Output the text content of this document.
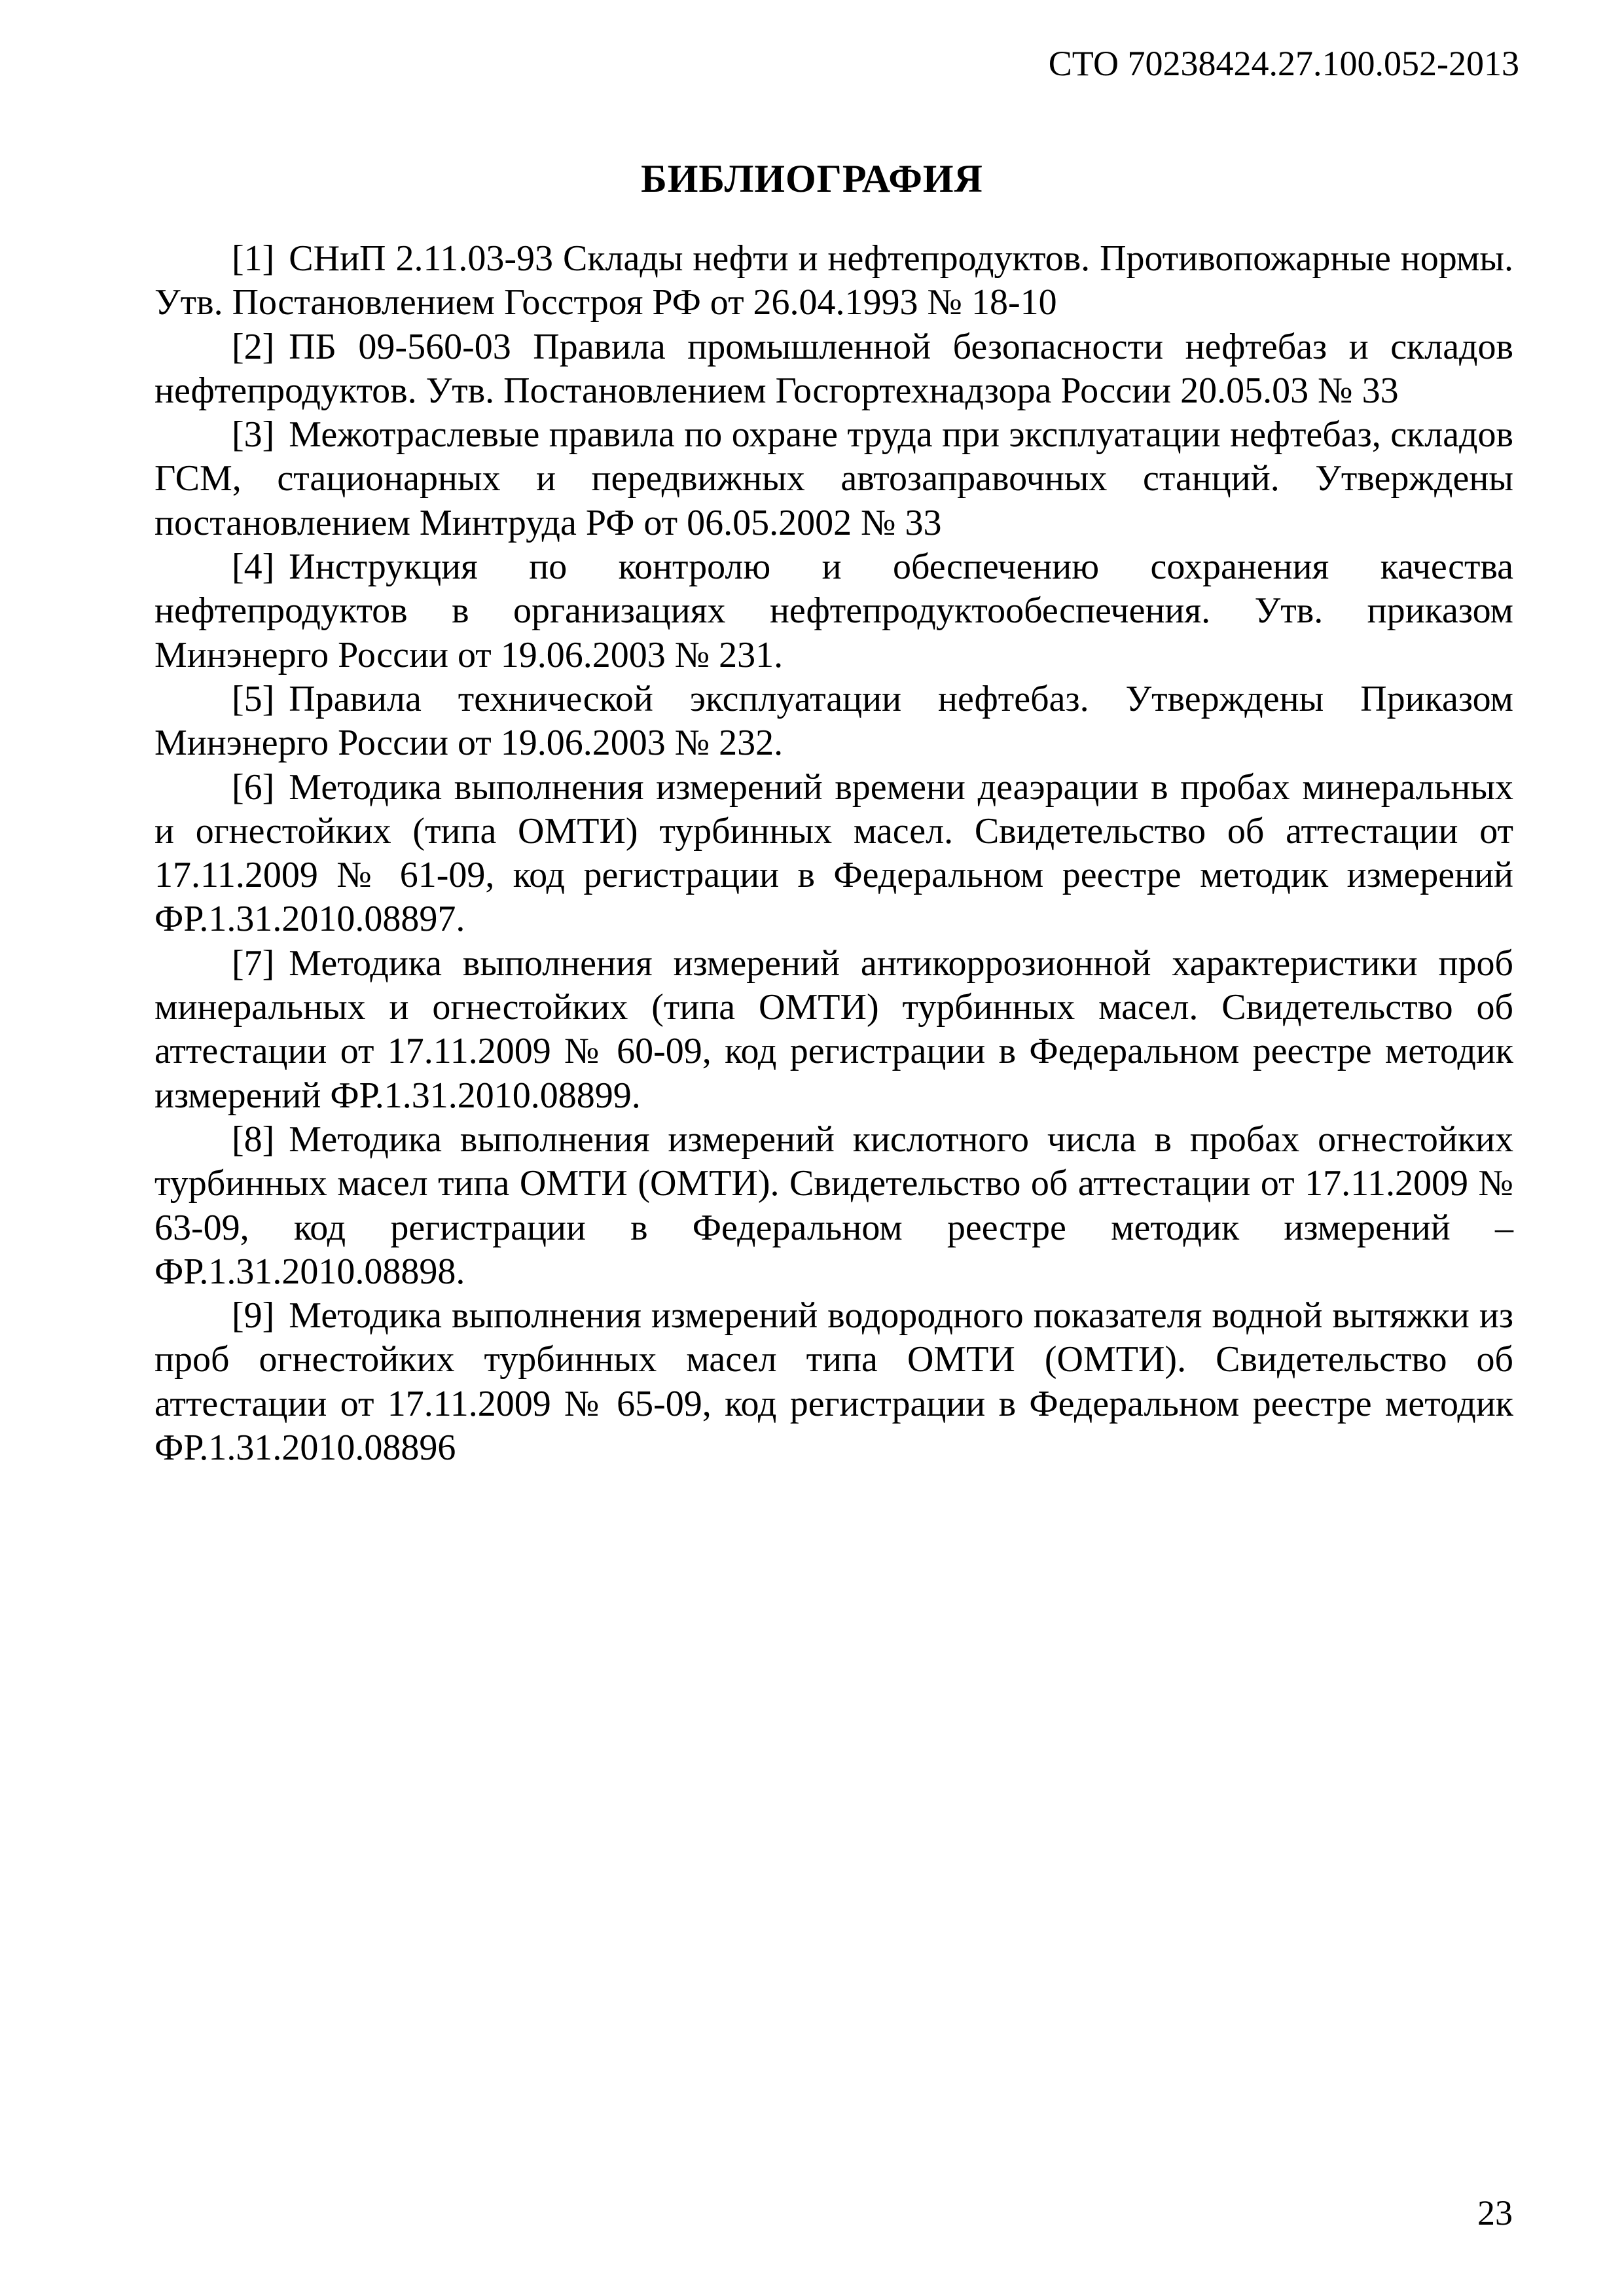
СТО 70238424.27.100.052-2013
БИБЛИОГРАФИЯ
[1] СНиП 2.11.03-93 Склады нефти и нефтепродуктов. Противопожарные нормы. Утв. Постановлением Госстроя РФ от 26.04.1993 № 18-10
[2] ПБ 09-560-03 Правила промышленной безопасности нефтебаз и складов нефтепродуктов. Утв. Постановлением Госгортехнадзора России 20.05.03 № 33
[3] Межотраслевые правила по охране труда при эксплуатации нефтебаз, складов ГСМ, стационарных и передвижных автозаправочных станций. Утверждены постановлением Минтруда РФ от 06.05.2002 № 33
[4] Инструкция по контролю и обеспечению сохранения качества нефтепродуктов в организациях нефтепродуктообеспечения. Утв. приказом Минэнерго России от 19.06.2003 № 231.
[5] Правила технической эксплуатации нефтебаз. Утверждены Приказом Минэнерго России от 19.06.2003 № 232.
[6] Методика выполнения измерений времени деаэрации в пробах минеральных и огнестойких (типа ОМТИ) турбинных масел. Свидетельство об аттестации от 17.11.2009 № 61-09, код регистрации в Федеральном реестре методик измерений ФР.1.31.2010.08897.
[7] Методика выполнения измерений антикоррозионной характеристики проб минеральных и огнестойких (типа ОМТИ) турбинных масел. Свидетельство об аттестации от 17.11.2009 № 60-09, код регистрации в Федеральном реестре методик измерений ФР.1.31.2010.08899.
[8] Методика выполнения измерений кислотного числа в пробах огнестойких турбинных масел типа ОМТИ (ОМТИ). Свидетельство об аттестации от 17.11.2009 № 63-09, код регистрации в Федеральном реестре методик измерений – ФР.1.31.2010.08898.
[9] Методика выполнения измерений водородного показателя водной вытяжки из проб огнестойких турбинных масел типа ОМТИ (ОМТИ). Свидетельство об аттестации от 17.11.2009 № 65-09, код регистрации в Федеральном реестре методик ФР.1.31.2010.08896
23
